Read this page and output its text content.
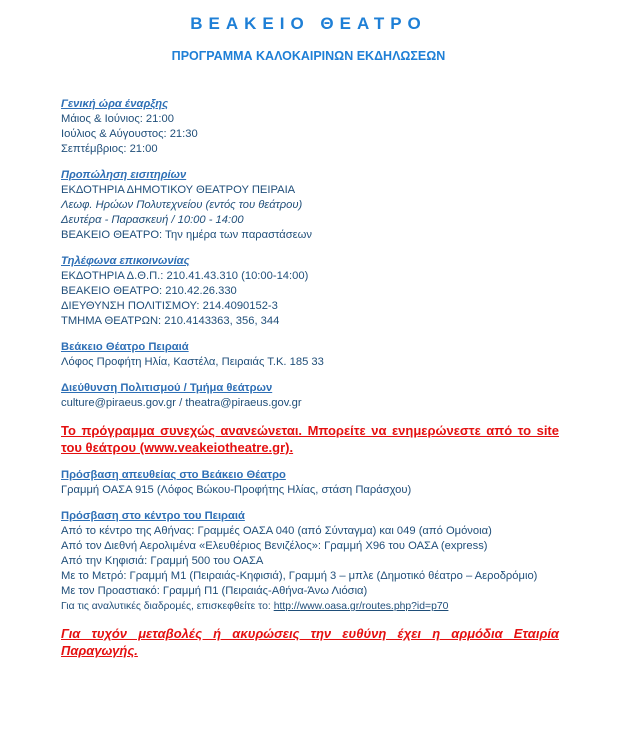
ΒΕΑΚΕΙΟ ΘΕΑΤΡΟ
ΠΡΟΓΡΑΜΜΑ ΚΑΛΟΚΑΙΡΙΝΩΝ ΕΚΔΗΛΩΣΕΩΝ
Γενική ώρα έναρξης
Μάιος & Ιούνιος: 21:00
Ιούλιος & Αύγουστος: 21:30
Σεπτέμβριος: 21:00
Προπώληση εισιτηρίων
ΕΚΔΟΤΗΡΙΑ ΔΗΜΟΤΙΚΟΥ ΘΕΑΤΡΟΥ ΠΕΙΡΑΙΑ
Λεωφ. Ηρώων Πολυτεχνείου (εντός του θεάτρου)
Δευτέρα - Παρασκευή / 10:00 - 14:00
ΒΕΑΚΕΙΟ ΘΕΑΤΡΟ: Την ημέρα των παραστάσεων
Τηλέφωνα επικοινωνίας
ΕΚΔΟΤΗΡΙΑ Δ.Θ.Π.: 210.41.43.310 (10:00-14:00)
ΒΕΑΚΕΙΟ ΘΕΑΤΡΟ: 210.42.26.330
ΔΙΕΥΘΥΝΣΗ ΠΟΛΙΤΙΣΜΟΥ: 214.4090152-3
ΤΜΗΜΑ ΘΕΑΤΡΩΝ: 210.4143363, 356, 344
Βεάκειο Θέατρο Πειραιά
Λόφος Προφήτη Ηλία, Καστέλα, Πειραιάς Τ.Κ. 185 33
Διεύθυνση Πολιτισμού / Τμήμα θεάτρων
culture@piraeus.gov.gr / theatra@piraeus.gov.gr
Το πρόγραμμα συνεχώς ανανεώνεται. Μπορείτε να ενημερώνεστε από το site του θεάτρου (www.veakeiotheatre.gr).
Πρόσβαση απευθείας στο Βεάκειο Θέατρο
Γραμμή ΟΑΣΑ 915 (Λόφος Βώκου-Προφήτης Ηλίας, στάση Παράσχου)
Πρόσβαση στο κέντρο του Πειραιά
Από το κέντρο της Αθήνας: Γραμμές ΟΑΣΑ 040 (από Σύνταγμα) και 049 (από Ομόνοια)
Από τον Διεθνή Αερολιμένα «Ελευθέριος Βενιζέλος»: Γραμμή Χ96 του ΟΑΣΑ (express)
Από την Κηφισιά: Γραμμή 500 του ΟΑΣΑ
Με το Μετρό: Γραμμή Μ1 (Πειραιάς-Κηφισιά), Γραμμή 3 – μπλε (Δημοτικό θέατρο – Αεροδρόμιο)
Με τον Προαστιακό: Γραμμή Π1 (Πειραιάς-Αθήνα-Άνω Λιόσια)
Για τις αναλυτικές διαδρομές, επισκεφθείτε το: http://www.oasa.gr/routes.php?id=p70
Για τυχόν μεταβολές ή ακυρώσεις την ευθύνη έχει η αρμόδια Εταιρία Παραγωγής.
